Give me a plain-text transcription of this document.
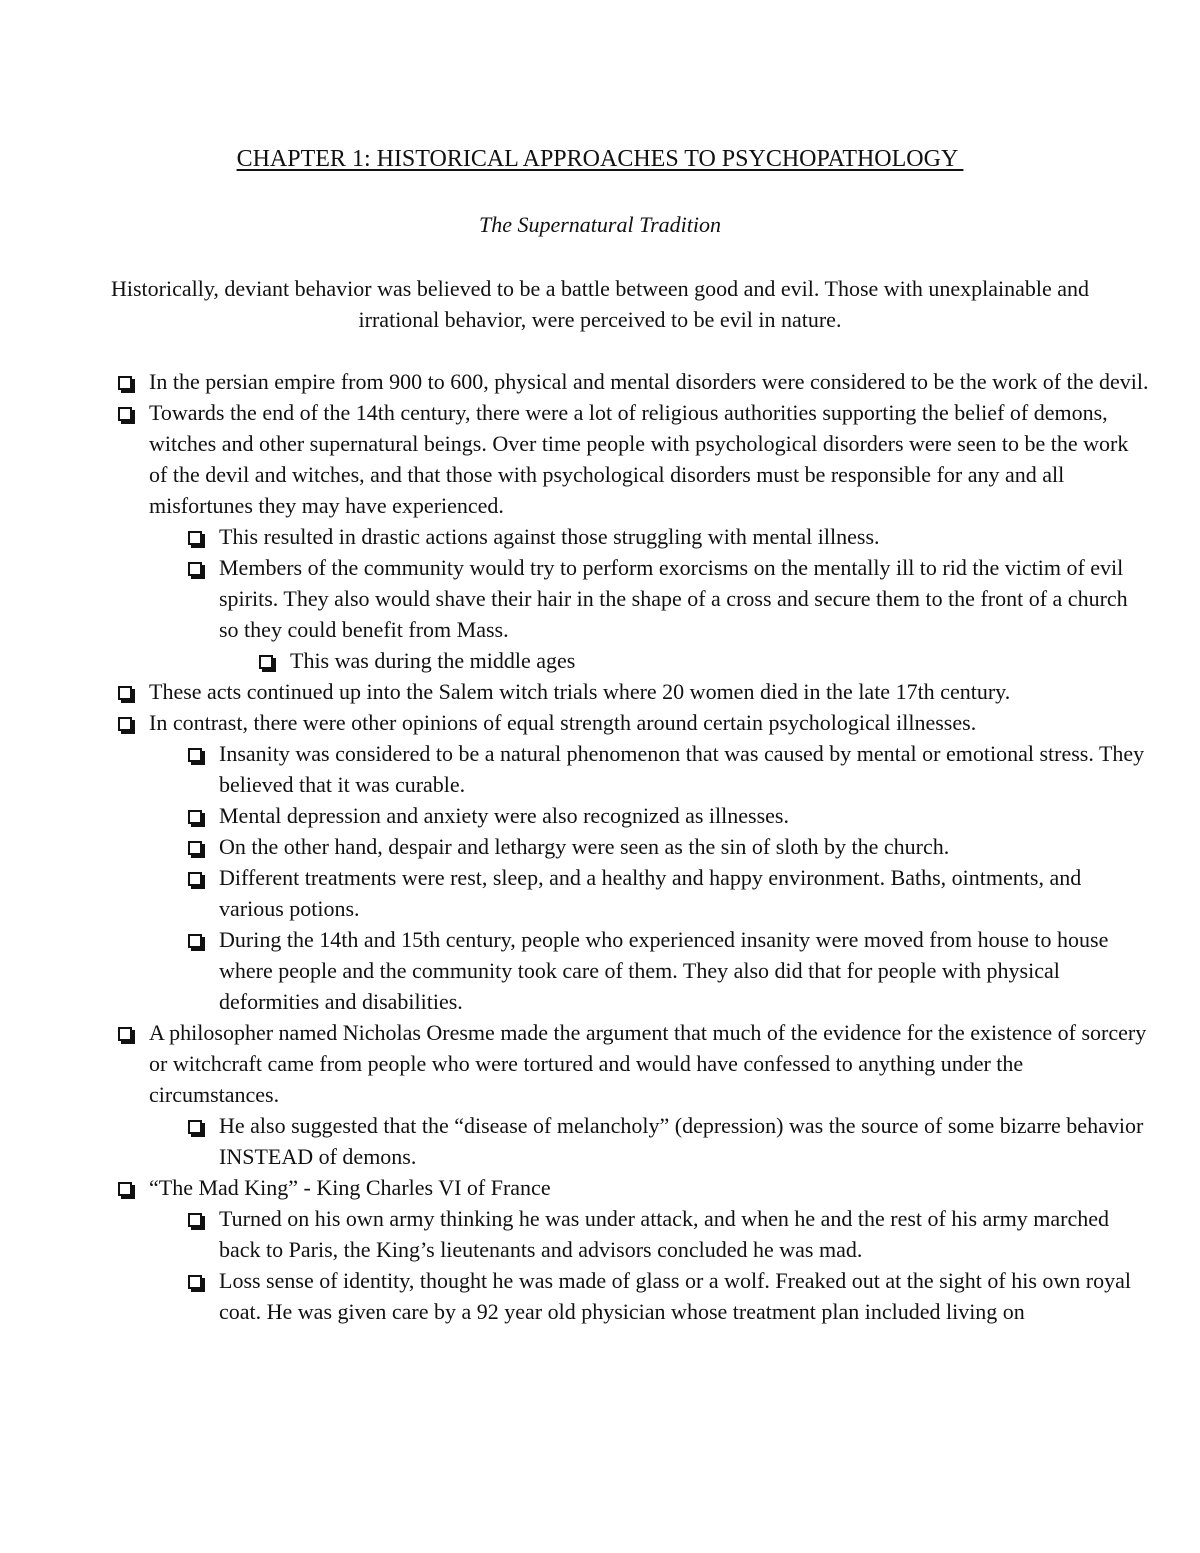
CHAPTER 1: HISTORICAL APPROACHES TO PSYCHOPATHOLOGY

The Supernatural Tradition

Historically, deviant behavior was believed to be a battle between good and evil. Those with unexplainable and irrational behavior, were perceived to be evil in nature.

In the persian empire from 900 to 600, physical and mental disorders were considered to be the work of the devil.
Towards the end of the 14th century, there were a lot of religious authorities supporting the belief of demons, witches and other supernatural beings. Over time people with psychological disorders were seen to be the work of the devil and witches, and that those with psychological disorders must be responsible for any and all misfortunes they may have experienced.
This resulted in drastic actions against those struggling with mental illness.
Members of the community would try to perform exorcisms on the mentally ill to rid the victim of evil spirits. They also would shave their hair in the shape of a cross and secure them to the front of a church so they could benefit from Mass.
This was during the middle ages
These acts continued up into the Salem witch trials where 20 women died in the late 17th century.
In contrast, there were other opinions of equal strength around certain psychological illnesses.
Insanity was considered to be a natural phenomenon that was caused by mental or emotional stress. They believed that it was curable.
Mental depression and anxiety were also recognized as illnesses.
On the other hand, despair and lethargy were seen as the sin of sloth by the church.
Different treatments were rest, sleep, and a healthy and happy environment. Baths, ointments, and various potions.
During the 14th and 15th century, people who experienced insanity were moved from house to house where people and the community took care of them. They also did that for people with physical deformities and disabilities.
A philosopher named Nicholas Oresme made the argument that much of the evidence for the existence of sorcery or witchcraft came from people who were tortured and would have confessed to anything under the circumstances.
He also suggested that the “disease of melancholy” (depression) was the source of some bizarre behavior INSTEAD of demons.
“The Mad King” - King Charles VI of France
Turned on his own army thinking he was under attack, and when he and the rest of his army marched back to Paris, the King’s lieutenants and advisors concluded he was mad.
Loss sense of identity, thought he was made of glass or a wolf. Freaked out at the sight of his own royal coat. He was given care by a 92 year old physician whose treatment plan included living on
